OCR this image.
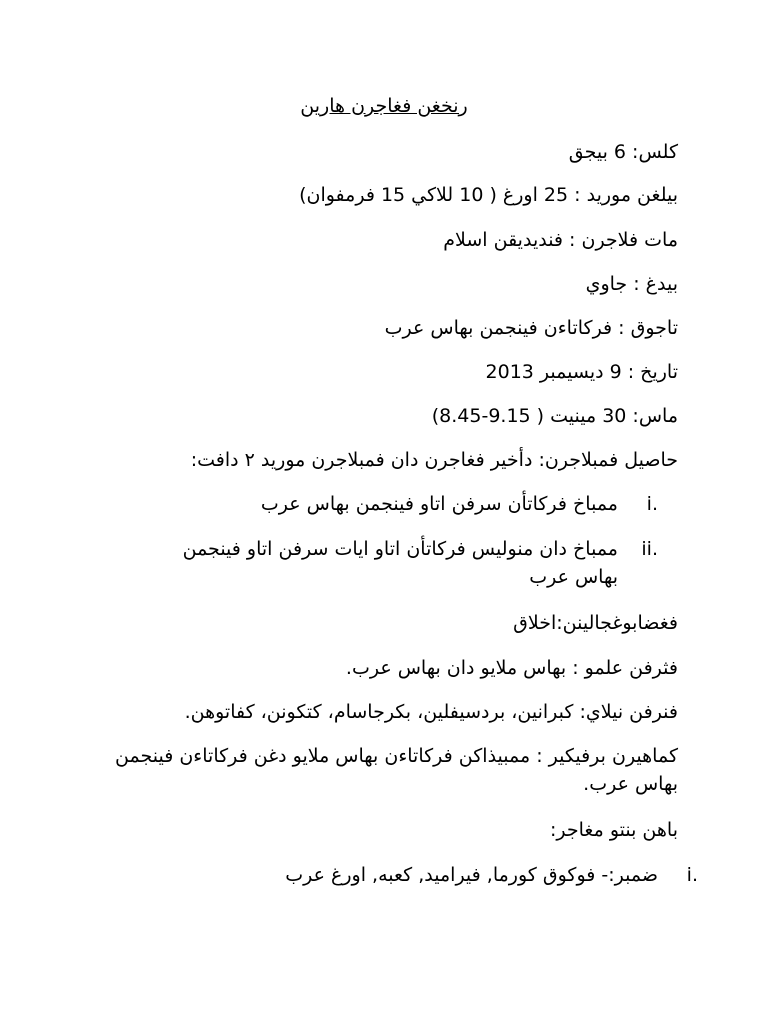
رنخغن فغاجرن هارين
كلس: 6 بيجق
بيلغن موريد : 25 اورغ ( 10 للاكي 15 فرمفوان)
مات فلاجرن : فنديديقن اسلام
بيدغ : جاوي
تاجوق : فركاتاءن فينجمن بهاس عرب
تاريخ : 9 ديسيمبر 2013
ماس: 30 مينيت ( 9.15-8.45)
حاصيل فمبلاجرن: دأخير فغاجرن دان فمبلاجرن موريد ٢ دافت:
i.
ممباخ فركاتأن سرفن اتاو فينجمن بهاس عرب
ii.
ممباخ دان منوليس فركاتأن اتاو ايات سرفن اتاو فينجمن بهاس عرب
فغضابوغجالينن:اخلاق
فثرفن علمو : بهاس ملايو دان بهاس عرب.
فنرفن نيلاي: كبرانين، بردسيفلين، بكرجاسام، كتكونن، كفاتوهن.
كماهيرن برفيكير : ممبيذاكن فركاتاءن بهاس ملايو دغن فركاتاءن فينجمن بهاس عرب.
باهن بنتو مغاجر:
i.
ضمبر:- فوكوق كورما, فيراميد, كعبه, اورغ عرب
